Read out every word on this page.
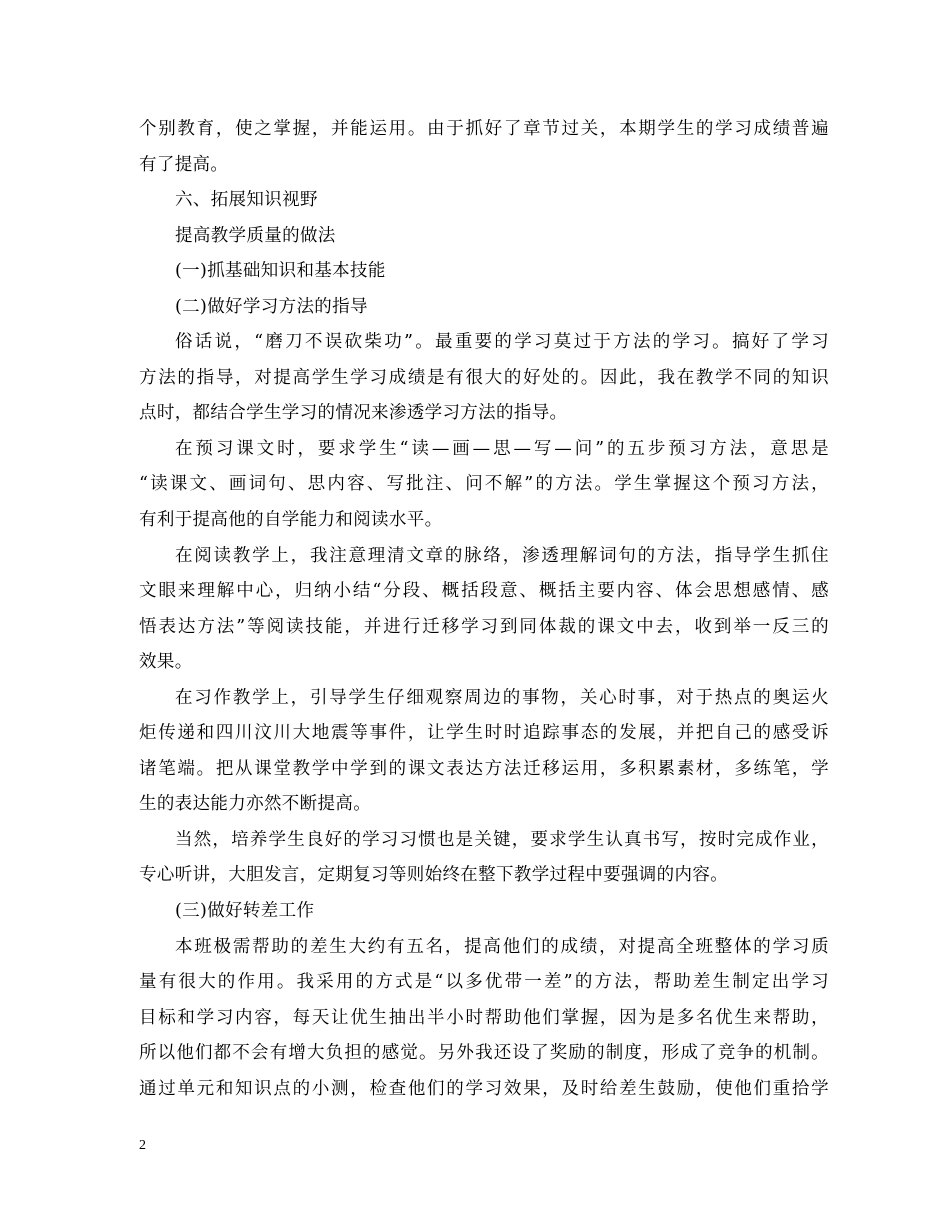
个别教育，使之掌握，并能运用。由于抓好了章节过关，本期学生的学习成绩普遍
有了提高。
六、拓展知识视野
提高教学质量的做法
(一)抓基础知识和基本技能
(二)做好学习方法的指导
俗话说，“磨刀不误砍柴功”。最重要的学习莫过于方法的学习。搞好了学习
方法的指导，对提高学生学习成绩是有很大的好处的。因此，我在教学不同的知识
点时，都结合学生学习的情况来渗透学习方法的指导。
在预习课文时，要求学生“读—画—思—写—问”的五步预习方法，意思是
“读课文、画词句、思内容、写批注、问不解”的方法。学生掌握这个预习方法，
有利于提高他的自学能力和阅读水平。
在阅读教学上，我注意理清文章的脉络，渗透理解词句的方法，指导学生抓住
文眼来理解中心，归纳小结“分段、概括段意、概括主要内容、体会思想感情、感
悟表达方法”等阅读技能，并进行迁移学习到同体裁的课文中去，收到举一反三的
效果。
在习作教学上，引导学生仔细观察周边的事物，关心时事，对于热点的奥运火
炬传递和四川汶川大地震等事件，让学生时时追踪事态的发展，并把自己的感受诉
诸笔端。把从课堂教学中学到的课文表达方法迁移运用，多积累素材，多练笔，学
生的表达能力亦然不断提高。
当然，培养学生良好的学习习惯也是关键，要求学生认真书写，按时完成作业，
专心听讲，大胆发言，定期复习等则始终在整下教学过程中要强调的内容。
(三)做好转差工作
本班极需帮助的差生大约有五名，提高他们的成绩，对提高全班整体的学习质
量有很大的作用。我采用的方式是“以多优带一差”的方法，帮助差生制定出学习
目标和学习内容，每天让优生抽出半小时帮助他们掌握，因为是多名优生来帮助，
所以他们都不会有增大负担的感觉。另外我还设了奖励的制度，形成了竞争的机制。
通过单元和知识点的小测，检查他们的学习效果，及时给差生鼓励，使他们重拾学
2
